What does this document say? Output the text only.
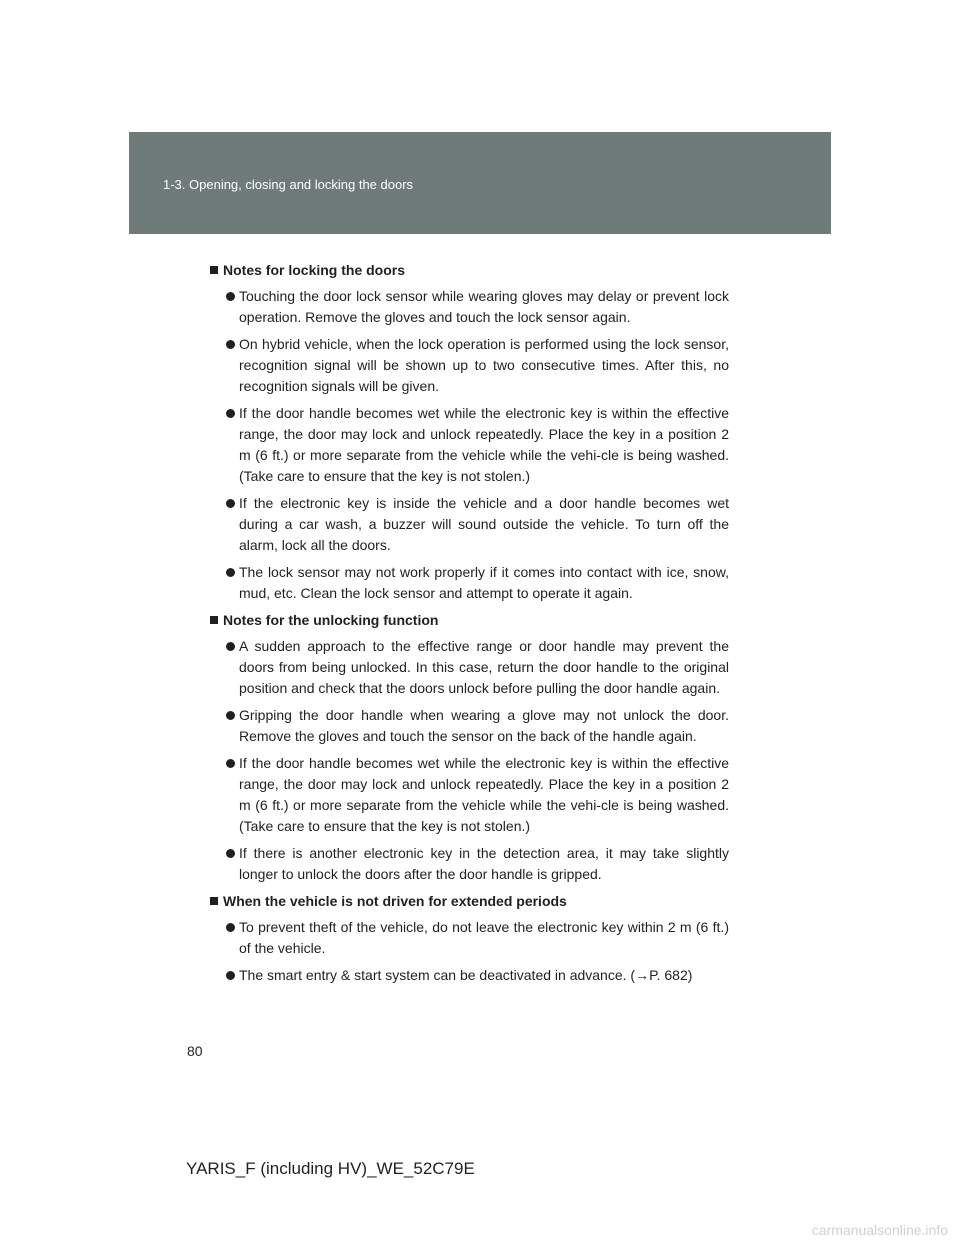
1-3. Opening, closing and locking the doors
Notes for locking the doors
Touching the door lock sensor while wearing gloves may delay or prevent lock operation. Remove the gloves and touch the lock sensor again.
On hybrid vehicle, when the lock operation is performed using the lock sensor, recognition signal will be shown up to two consecutive times. After this, no recognition signals will be given.
If the door handle becomes wet while the electronic key is within the effective range, the door may lock and unlock repeatedly. Place the key in a position 2 m (6 ft.) or more separate from the vehicle while the vehi-cle is being washed. (Take care to ensure that the key is not stolen.)
If the electronic key is inside the vehicle and a door handle becomes wet during a car wash, a buzzer will sound outside the vehicle. To turn off the alarm, lock all the doors.
The lock sensor may not work properly if it comes into contact with ice, snow, mud, etc. Clean the lock sensor and attempt to operate it again.
Notes for the unlocking function
A sudden approach to the effective range or door handle may prevent the doors from being unlocked. In this case, return the door handle to the original position and check that the doors unlock before pulling the door handle again.
Gripping the door handle when wearing a glove may not unlock the door. Remove the gloves and touch the sensor on the back of the handle again.
If the door handle becomes wet while the electronic key is within the effective range, the door may lock and unlock repeatedly. Place the key in a position 2 m (6 ft.) or more separate from the vehicle while the vehi-cle is being washed. (Take care to ensure that the key is not stolen.)
If there is another electronic key in the detection area, it may take slightly longer to unlock the doors after the door handle is gripped.
When the vehicle is not driven for extended periods
To prevent theft of the vehicle, do not leave the electronic key within 2 m (6 ft.) of the vehicle.
The smart entry & start system can be deactivated in advance. (→P. 682)
80
YARIS_F (including HV)_WE_52C79E
carmanualsonline.info
